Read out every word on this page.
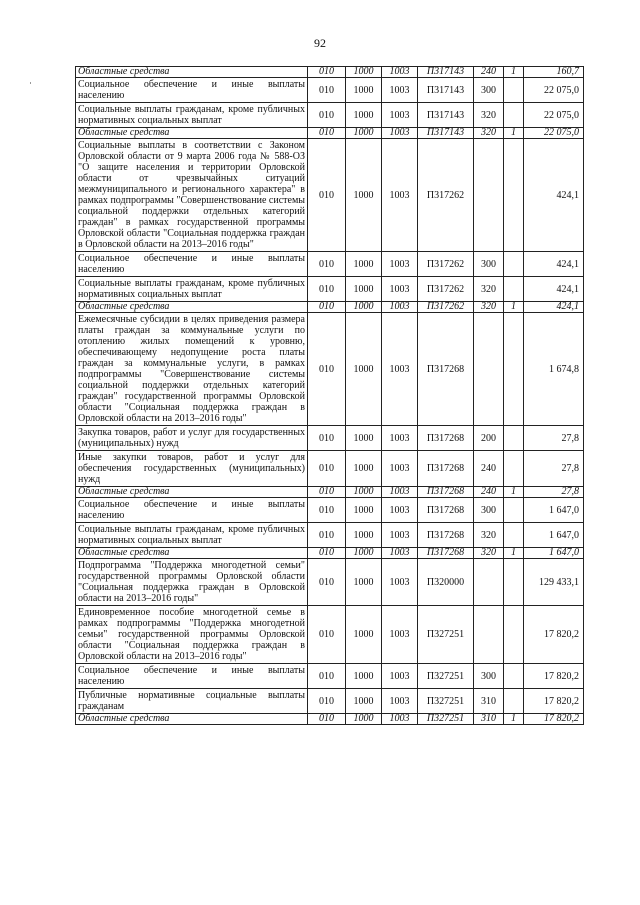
92
Областные средства	010	1000	1003	П317143	240	1	160,7
Социальное обеспечение и иные выплаты населению	010	1000	1003	П317143	300		22 075,0
Социальные выплаты гражданам, кроме публичных нормативных социальных выплат	010	1000	1003	П317143	320		22 075,0
Областные средства	010	1000	1003	П317143	320	1	22 075,0
Социальные выплаты в соответствии с Законом Орловской области от 9 марта 2006 года № 588-ОЗ "О защите населения и территории Орловской области от чрезвычайных ситуаций межмуниципального и регионального характера" в рамках подпрограммы "Совершенствование системы социальной поддержки отдельных категорий граждан" в рамках государственной программы Орловской области "Социальная поддержка граждан в Орловской области на 2013–2016 годы"	010	1000	1003	П317262			424,1
Социальное обеспечение и иные выплаты населению	010	1000	1003	П317262	300		424,1
Социальные выплаты гражданам, кроме публичных нормативных социальных выплат	010	1000	1003	П317262	320		424,1
Областные средства	010	1000	1003	П317262	320	1	424,1
Ежемесячные субсидии в целях приведения размера платы граждан за коммунальные услуги по отоплению жилых помещений к уровню, обеспечивающему недопущение роста платы граждан за коммунальные услуги, в рамках подпрограммы "Совершенствование системы социальной поддержки отдельных категорий граждан" государственной программы Орловской области "Социальная поддержка граждан в Орловской области на 2013–2016 годы"	010	1000	1003	П317268			1 674,8
Закупка товаров, работ и услуг для государственных (муниципальных) нужд	010	1000	1003	П317268	200		27,8
Иные закупки товаров, работ и услуг для обеспечения государственных (муниципальных) нужд	010	1000	1003	П317268	240		27,8
Областные средства	010	1000	1003	П317268	240	1	27,8
Социальное обеспечение и иные выплаты населению	010	1000	1003	П317268	300		1 647,0
Социальные выплаты гражданам, кроме публичных нормативных социальных выплат	010	1000	1003	П317268	320		1 647,0
Областные средства	010	1000	1003	П317268	320	1	1 647,0
Подпрограмма "Поддержка многодетной семьи" государственной программы Орловской области "Социальная поддержка граждан в Орловской области на 2013–2016 годы"	010	1000	1003	П320000			129 433,1
Единовременное пособие многодетной семье в рамках подпрограммы "Поддержка многодетной семьи" государственной программы Орловской области "Социальная поддержка граждан в Орловской области на 2013–2016 годы"	010	1000	1003	П327251			17 820,2
Социальное обеспечение и иные выплаты населению	010	1000	1003	П327251	300		17 820,2
Публичные нормативные социальные выплаты гражданам	010	1000	1003	П327251	310		17 820,2
Областные средства	010	1000	1003	П327251	310	1	17 820,2
